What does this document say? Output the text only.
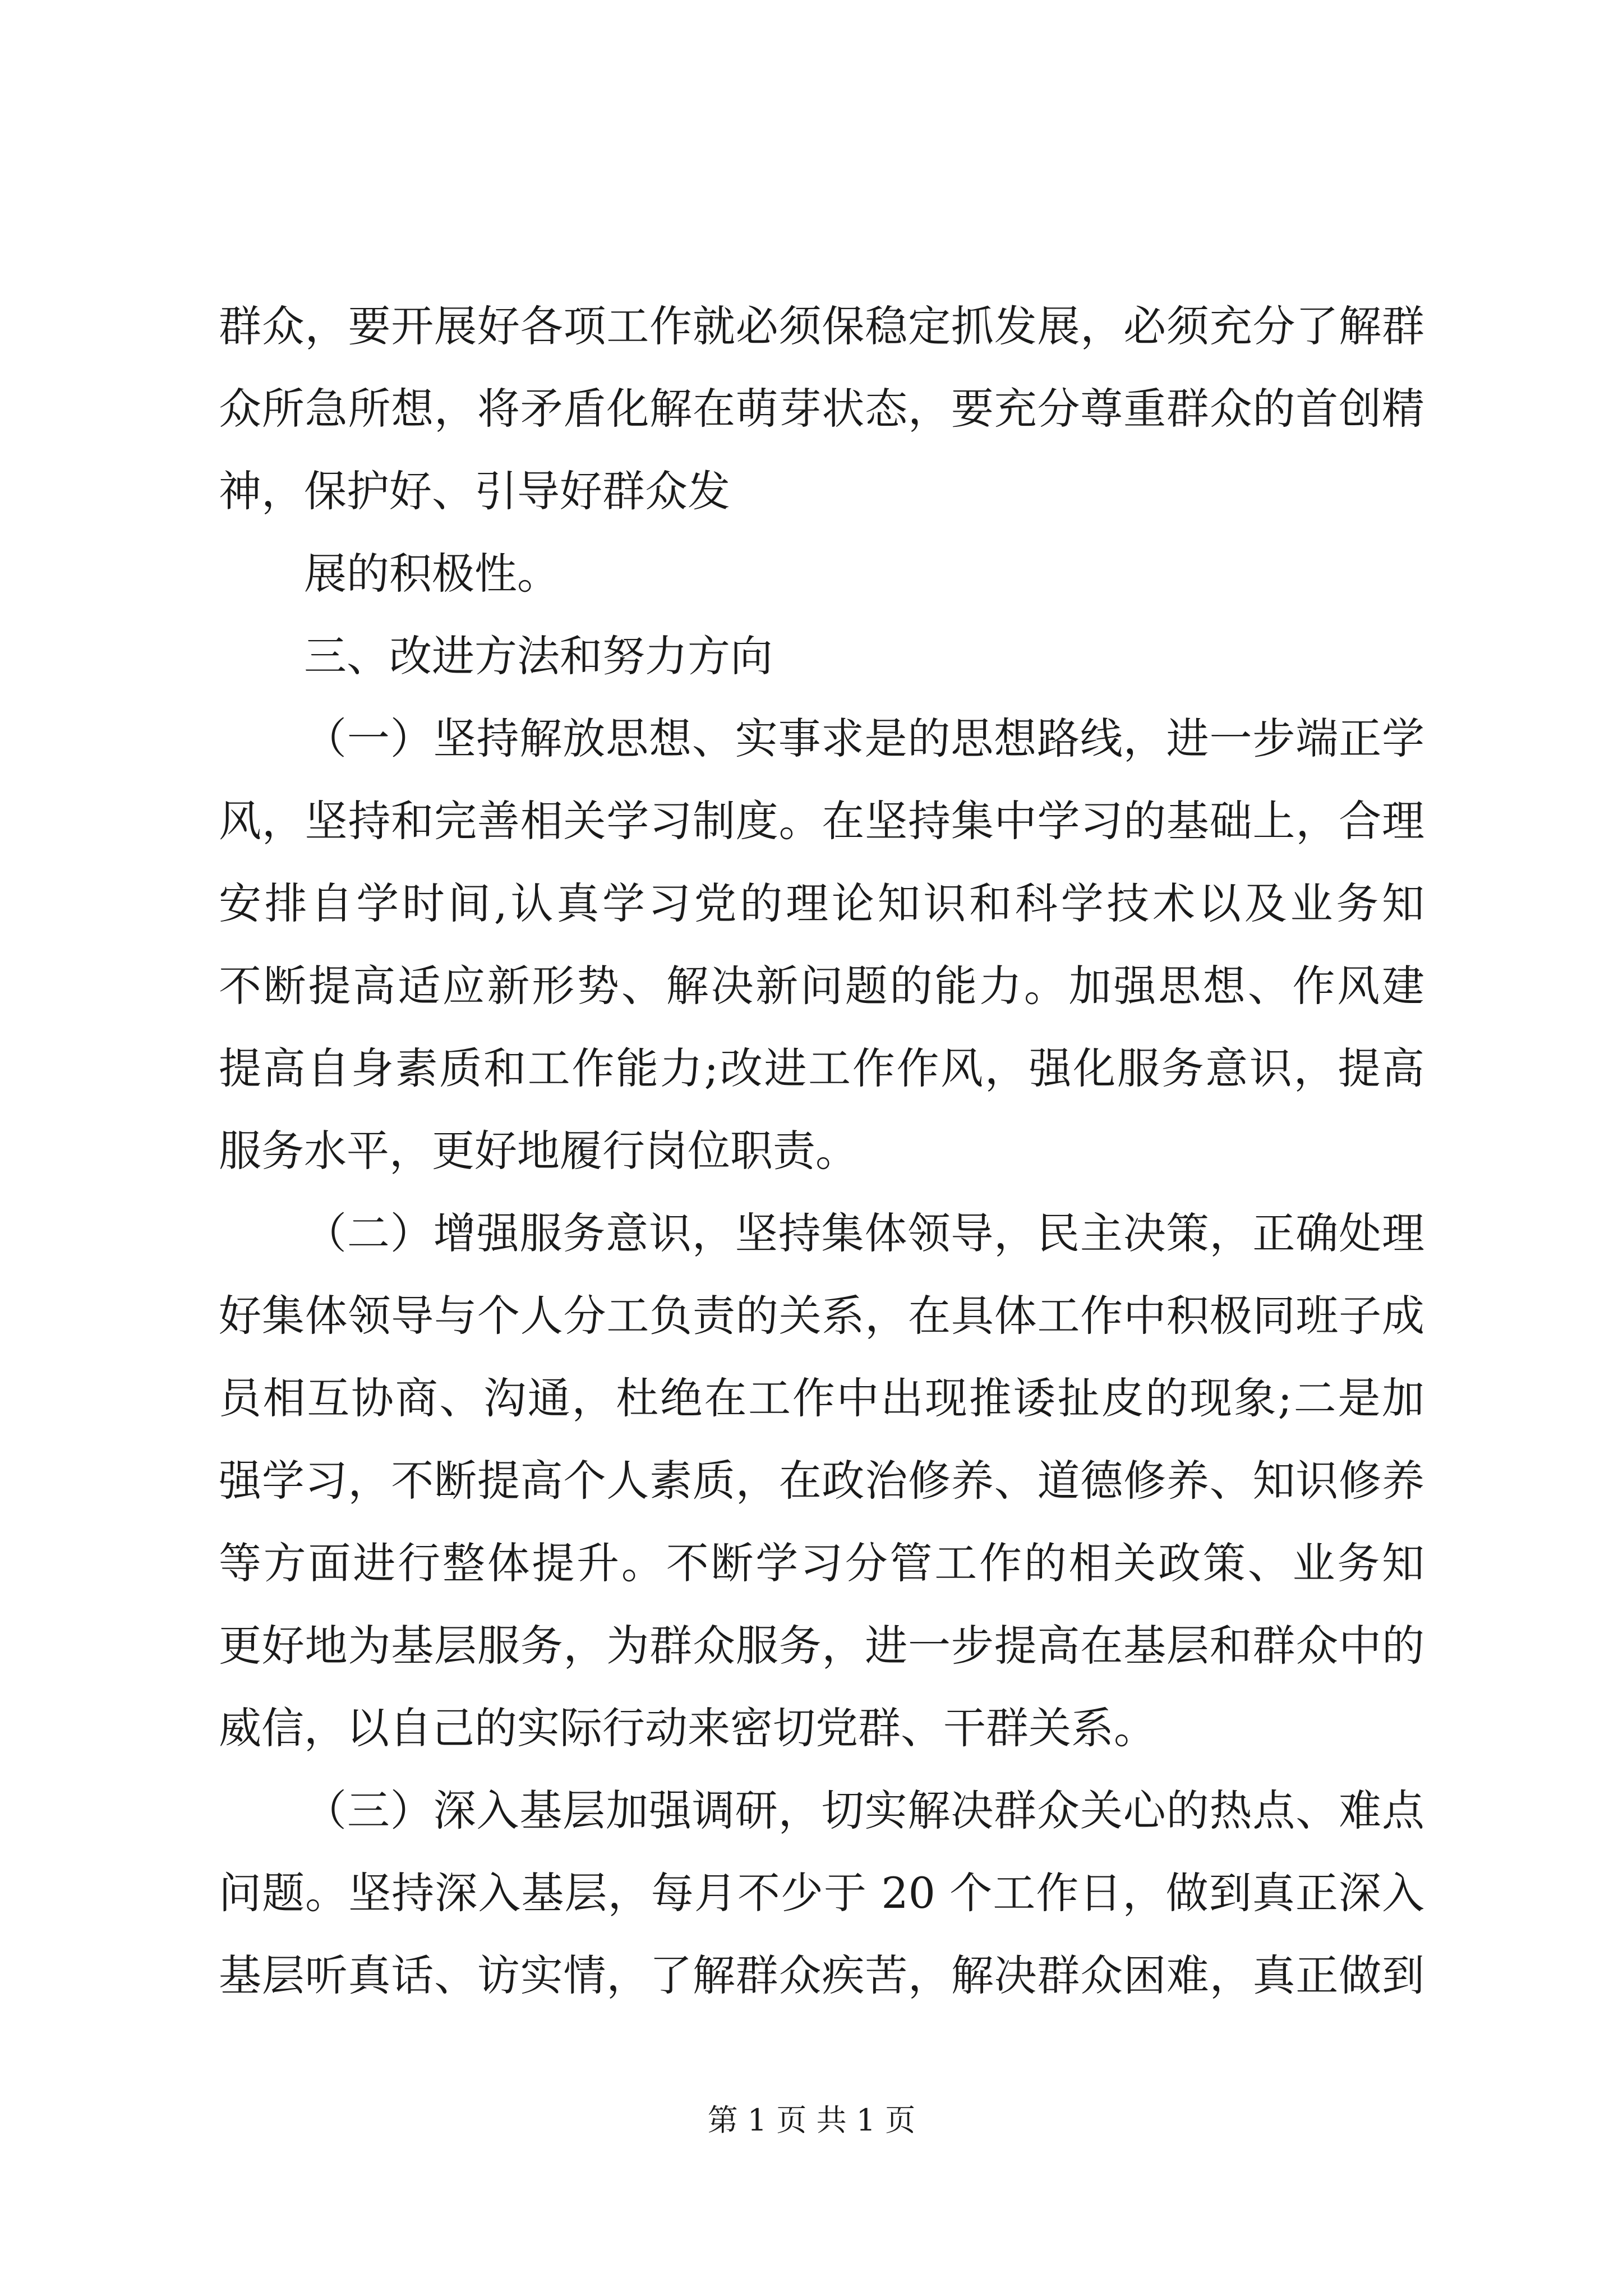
群众，要开展好各项工作就必须保稳定抓发展，必须充分了解群
众所急所想，将矛盾化解在萌芽状态，要充分尊重群众的首创精
神，保护好、引导好群众发
展的积极性。
三、改进方法和努力方向
（一）坚持解放思想、实事求是的思想路线，进一步端正学
风，坚持和完善相关学习制度。在坚持集中学习的基础上，合理
安排自学时间,认真学习党的理论知识和科学技术以及业务知
不断提高适应新形势、解决新问题的能力。加强思想、作风建
提高自身素质和工作能力;改进工作作风，强化服务意识，提高
服务水平，更好地履行岗位职责。
（二）增强服务意识，坚持集体领导，民主决策，正确处理
好集体领导与个人分工负责的关系，在具体工作中积极同班子成
员相互协商、沟通，杜绝在工作中出现推诿扯皮的现象;二是加
强学习，不断提高个人素质，在政治修养、道德修养、知识修养
等方面进行整体提升。不断学习分管工作的相关政策、业务知
更好地为基层服务，为群众服务，进一步提高在基层和群众中的
威信，以自己的实际行动来密切党群、干群关系。
（三）深入基层加强调研，切实解决群众关心的热点、难点
问题。坚持深入基层，每月不少于 20 个工作日，做到真正深入
基层听真话、访实情，了解群众疾苦，解决群众困难，真正做到
第 1 页 共 1 页
